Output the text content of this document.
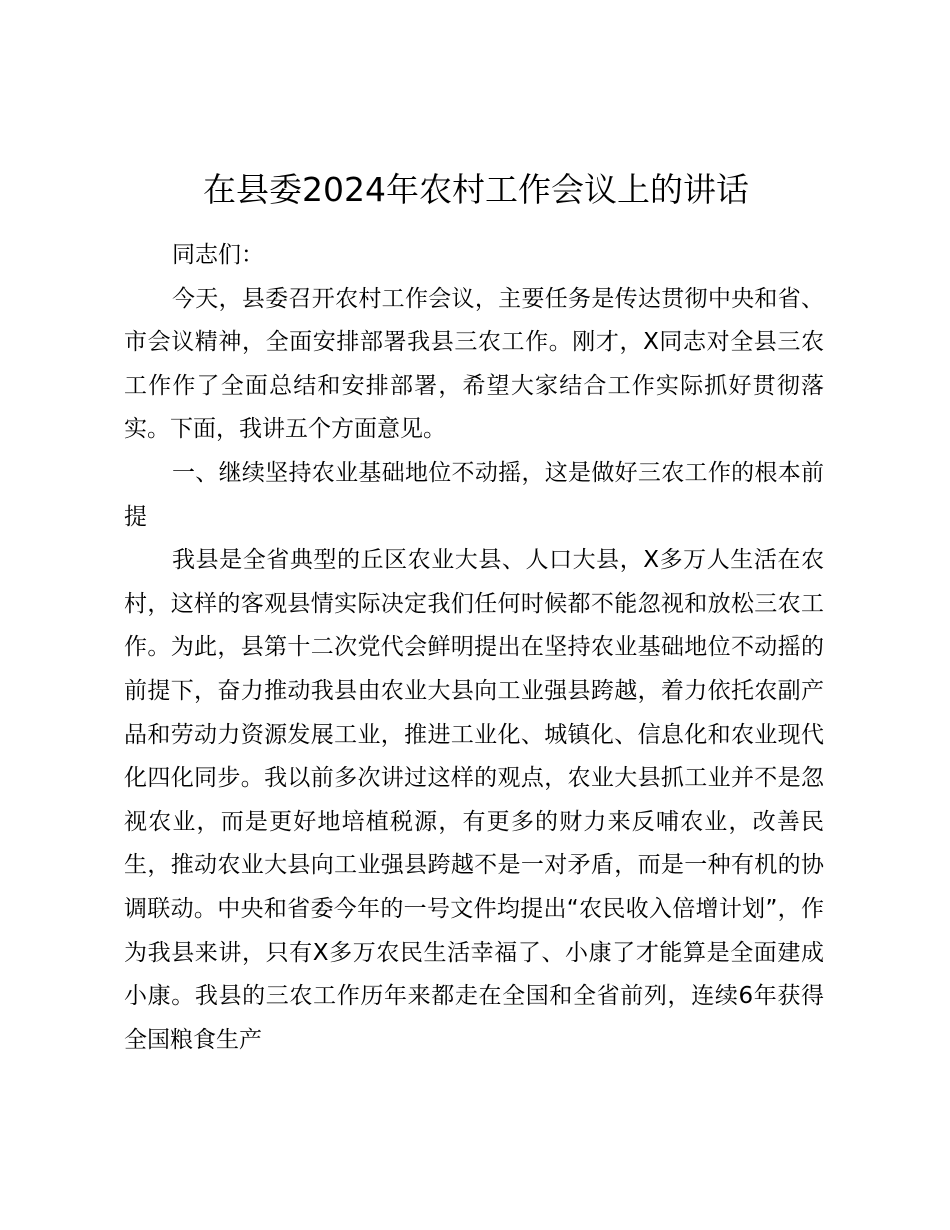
在县委2024年农村工作会议上的讲话

同志们：

今天，县委召开农村工作会议，主要任务是传达贯彻中央和省、市会议精神，全面安排部署我县三农工作。刚才，X同志对全县三农工作作了全面总结和安排部署，希望大家结合工作实际抓好贯彻落实。下面，我讲五个方面意见。

一、继续坚持农业基础地位不动摇，这是做好三农工作的根本前提

我县是全省典型的丘区农业大县、人口大县，X多万人生活在农村，这样的客观县情实际决定我们任何时候都不能忽视和放松三农工作。为此，县第十二次党代会鲜明提出在坚持农业基础地位不动摇的前提下，奋力推动我县由农业大县向工业强县跨越，着力依托农副产品和劳动力资源发展工业，推进工业化、城镇化、信息化和农业现代化四化同步。我以前多次讲过这样的观点，农业大县抓工业并不是忽视农业，而是更好地培植税源，有更多的财力来反哺农业，改善民生，推动农业大县向工业强县跨越不是一对矛盾，而是一种有机的协调联动。中央和省委今年的一号文件均提出“农民收入倍增计划”，作为我县来讲，只有X多万农民生活幸福了、小康了才能算是全面建成小康。我县的三农工作历年来都走在全国和全省前列，连续6年获得全国粮食生产
